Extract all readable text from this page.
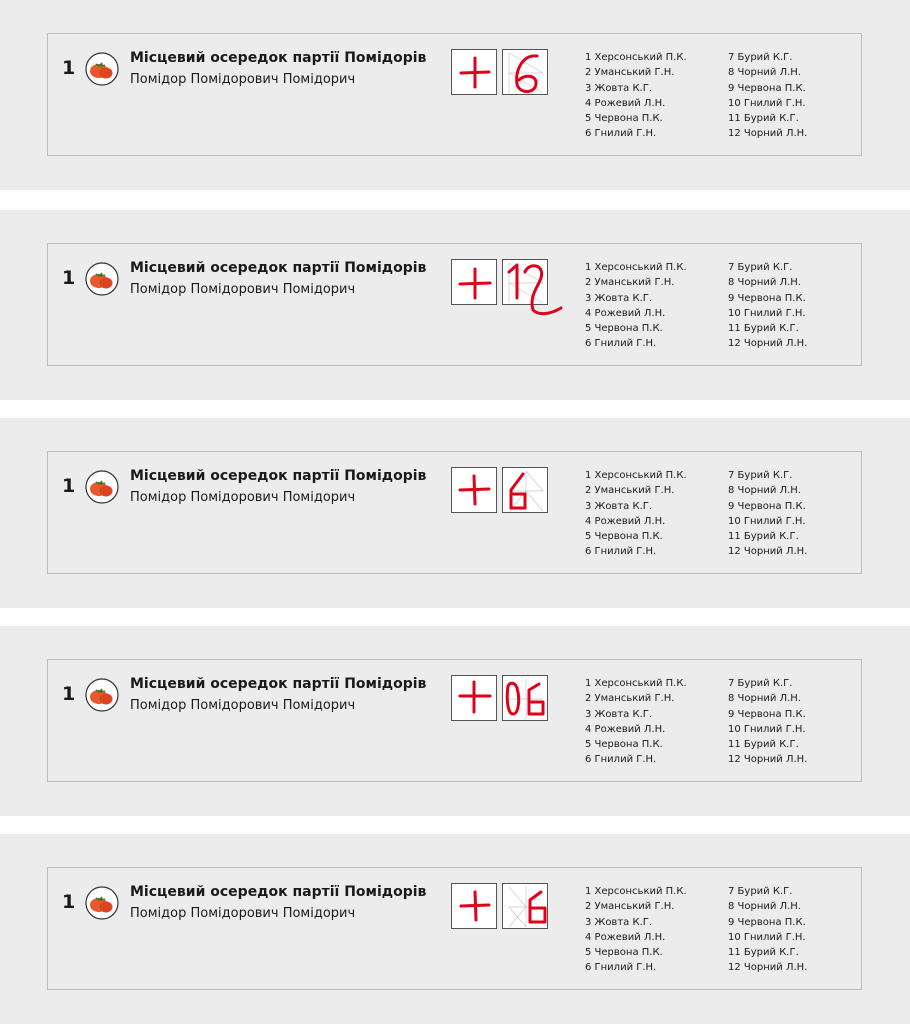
1	Місцевий осередок партії Помідорів
Помідор Помідорович Помідорич
1 Херсонський П.К.
2 Уманський Г.Н.
3 Жовта К.Г.
4 Рожевий Л.Н.
5 Червона П.К.
6 Гнилий Г.Н.
7 Бурий К.Г.
8 Чорний Л.Н.
9 Червона П.К.
10 Гнилий Г.Н.
11 Бурий К.Г.
12 Чорний Л.Н.
1	Місцевий осередок партії Помідорів
Помідор Помідорович Помідорич
1 Херсонський П.К.
2 Уманський Г.Н.
3 Жовта К.Г.
4 Рожевий Л.Н.
5 Червона П.К.
6 Гнилий Г.Н.
7 Бурий К.Г.
8 Чорний Л.Н.
9 Червона П.К.
10 Гнилий Г.Н.
11 Бурий К.Г.
12 Чорний Л.Н.
1	Місцевий осередок партії Помідорів
Помідор Помідорович Помідорич
1 Херсонський П.К.
2 Уманський Г.Н.
3 Жовта К.Г.
4 Рожевий Л.Н.
5 Червона П.К.
6 Гнилий Г.Н.
7 Бурий К.Г.
8 Чорний Л.Н.
9 Червона П.К.
10 Гнилий Г.Н.
11 Бурий К.Г.
12 Чорний Л.Н.
1	Місцевий осередок партії Помідорів
Помідор Помідорович Помідорич
1 Херсонський П.К.
2 Уманський Г.Н.
3 Жовта К.Г.
4 Рожевий Л.Н.
5 Червона П.К.
6 Гнилий Г.Н.
7 Бурий К.Г.
8 Чорний Л.Н.
9 Червона П.К.
10 Гнилий Г.Н.
11 Бурий К.Г.
12 Чорний Л.Н.
1	Місцевий осередок партії Помідорів
Помідор Помідорович Помідорич
1 Херсонський П.К.
2 Уманський Г.Н.
3 Жовта К.Г.
4 Рожевий Л.Н.
5 Червона П.К.
6 Гнилий Г.Н.
7 Бурий К.Г.
8 Чорний Л.Н.
9 Червона П.К.
10 Гнилий Г.Н.
11 Бурий К.Г.
12 Чорний Л.Н.
